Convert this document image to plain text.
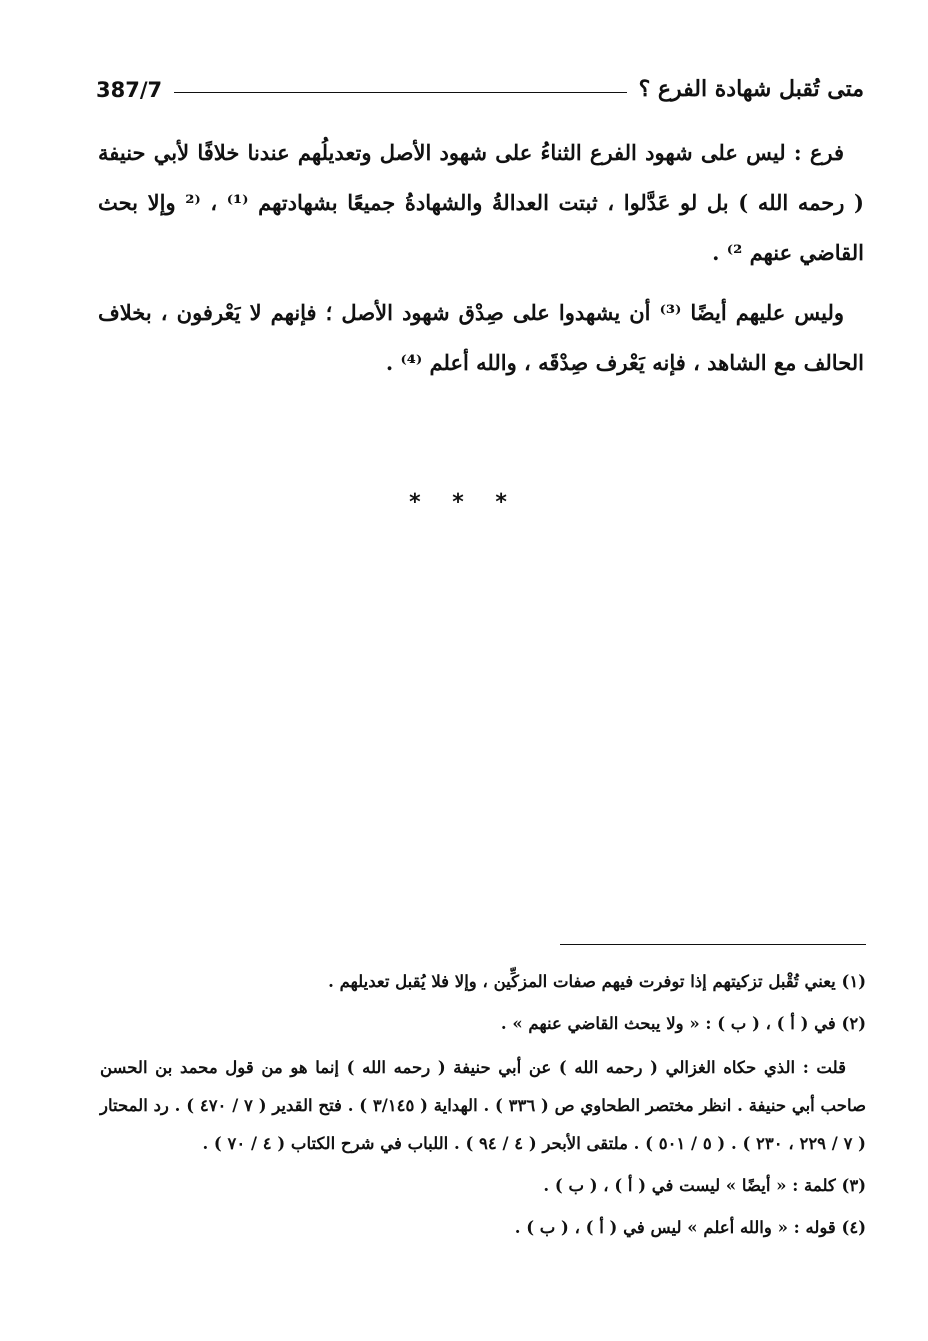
متى تُقبل شهادة الفرع ؟
387/7

فرع : ليس على شهود الفرع الثناءُ على شهود الأصل وتعديلُهم عندنا خلافًا لأبي حنيفة ( رحمه الله ) بل لو عَدَّلوا ، ثبتت العدالةُ والشهادةُ جميعًا بشهادتهم ⁽¹⁾ ، ⁽² وإلا بحث القاضي عنهم ²⁾ .

وليس عليهم أيضًا ⁽³⁾ أن يشهدوا على صِدْق شهود الأصل ؛ فإنهم لا يَعْرفون ، بخلاف الحالف مع الشاهد ، فإنه يَعْرف صِدْقَه ، والله أعلم ⁽⁴⁾ .

* * *

(١) يعني تُقْبل تزكيتهم إذا توفرت فيهم صفات المزكِّين ، وإلا فلا يُقبل تعديلهم .

(٢) في ( أ ) ، ( ب ) : « ولا يبحث القاضي عنهم » .

قلت : الذي حكاه الغزالي ( رحمه الله ) عن أبي حنيفة ( رحمه الله ) إنما هو من قول محمد بن الحسن صاحب أبي حنيفة . انظر مختصر الطحاوي ص ( ٣٣٦ ) . الهداية ( ٣/١٤٥ ) . فتح القدير ( ٧ / ٤٧٠ ) . رد المحتار ( ٧ / ٢٢٩ ، ٢٣٠ ) . ( ٥ / ٥٠١ ) . ملتقى الأبحر ( ٤ / ٩٤ ) . اللباب في شرح الكتاب ( ٤ / ٧٠ ) .

(٣) كلمة : « أيضًا » ليست في ( أ ) ، ( ب ) .

(٤) قوله : « والله أعلم » ليس في ( أ ) ، ( ب ) .
